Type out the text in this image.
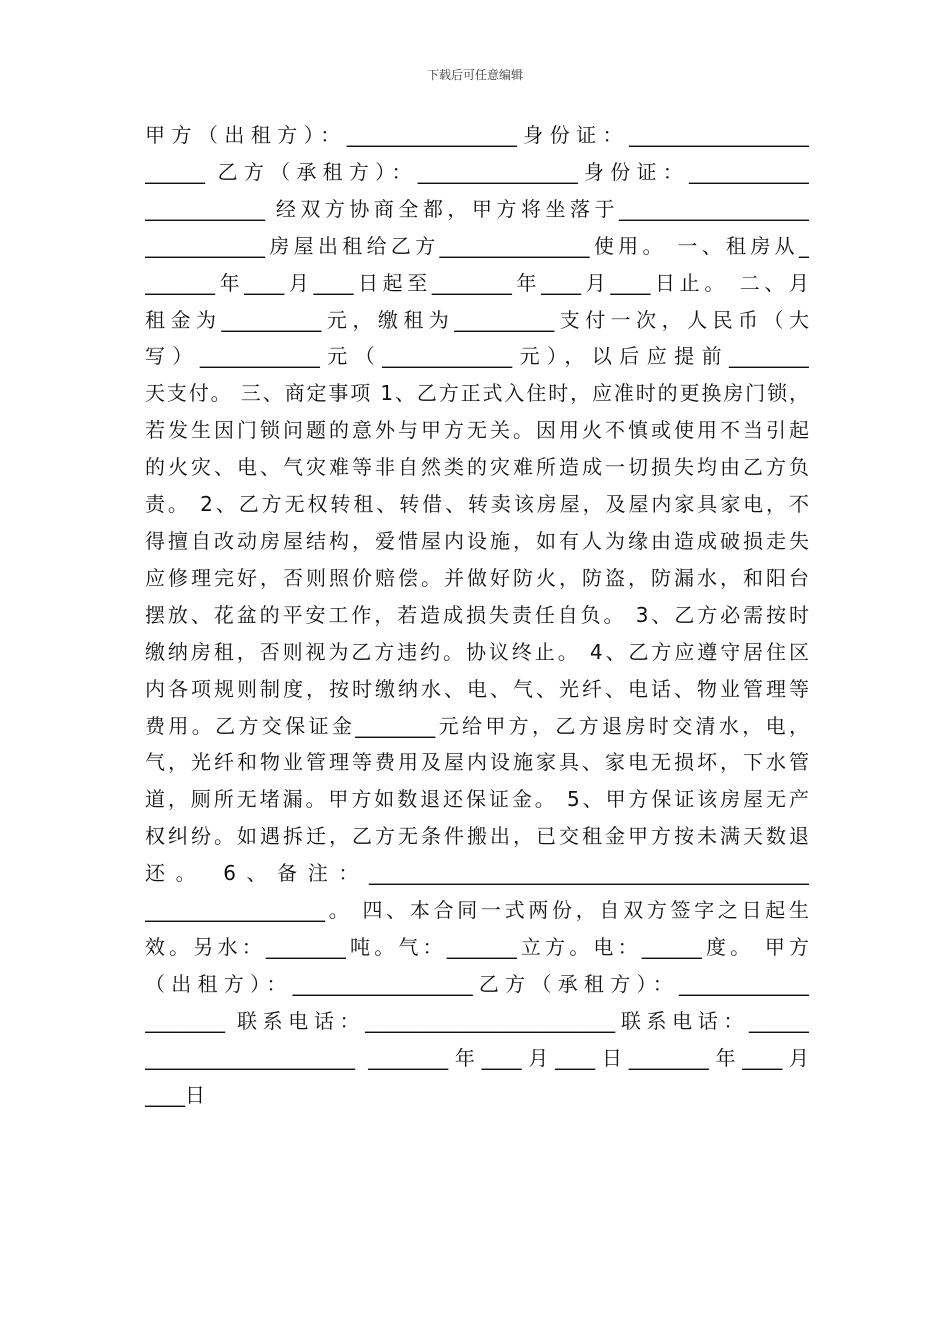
下载后可任意编辑
甲方（出租方）：_________________身份证：__________________
______ 乙方（承租方）：________________身份证：____________
____________ 经双方协商全都，甲方将坐落于___________________
____________房屋出租给乙方_______________使用。 一、租房从_
_______年____月____日起至________年____月____日止。 二、月
租金为__________元，缴租为__________支付一次，人民币（大
写）____________元（_____________元），以后应提前________
天支付。 三、商定事项 1、乙方正式入住时，应准时的更换房门锁，
若发生因门锁问题的意外与甲方无关。因用火不慎或使用不当引起
的火灾、电、气灾难等非自然类的灾难所造成一切损失均由乙方负
责。 2、乙方无权转租、转借、转卖该房屋，及屋内家具家电，不
得擅自改动房屋结构，爱惜屋内设施，如有人为缘由造成破损走失
应修理完好，否则照价赔偿。并做好防火，防盗，防漏水，和阳台
摆放、花盆的平安工作，若造成损失责任自负。 3、乙方必需按时
缴纳房租，否则视为乙方违约。协议终止。 4、乙方应遵守居住区
内各项规则制度，按时缴纳水、电、气、光纤、电话、物业管理等
费用。乙方交保证金________元给甲方，乙方退房时交清水，电，
气，光纤和物业管理等费用及屋内设施家具、家电无损坏，下水管
道，厕所无堵漏。甲方如数退还保证金。 5、甲方保证该房屋无产
权纠纷。如遇拆迁，乙方无条件搬出，已交租金甲方按未满天数退
还。 6、备注：____________________________________________
__________________。 四、本合同一式两份，自双方签字之日起生
效。另水：________吨。气：_______立方。电：______度。 甲方
（出租方）：__________________乙方（承租方）：_____________
________ 联系电话：_________________________联系电话：______
_____________________ ________年____月____日________年____月
____日
